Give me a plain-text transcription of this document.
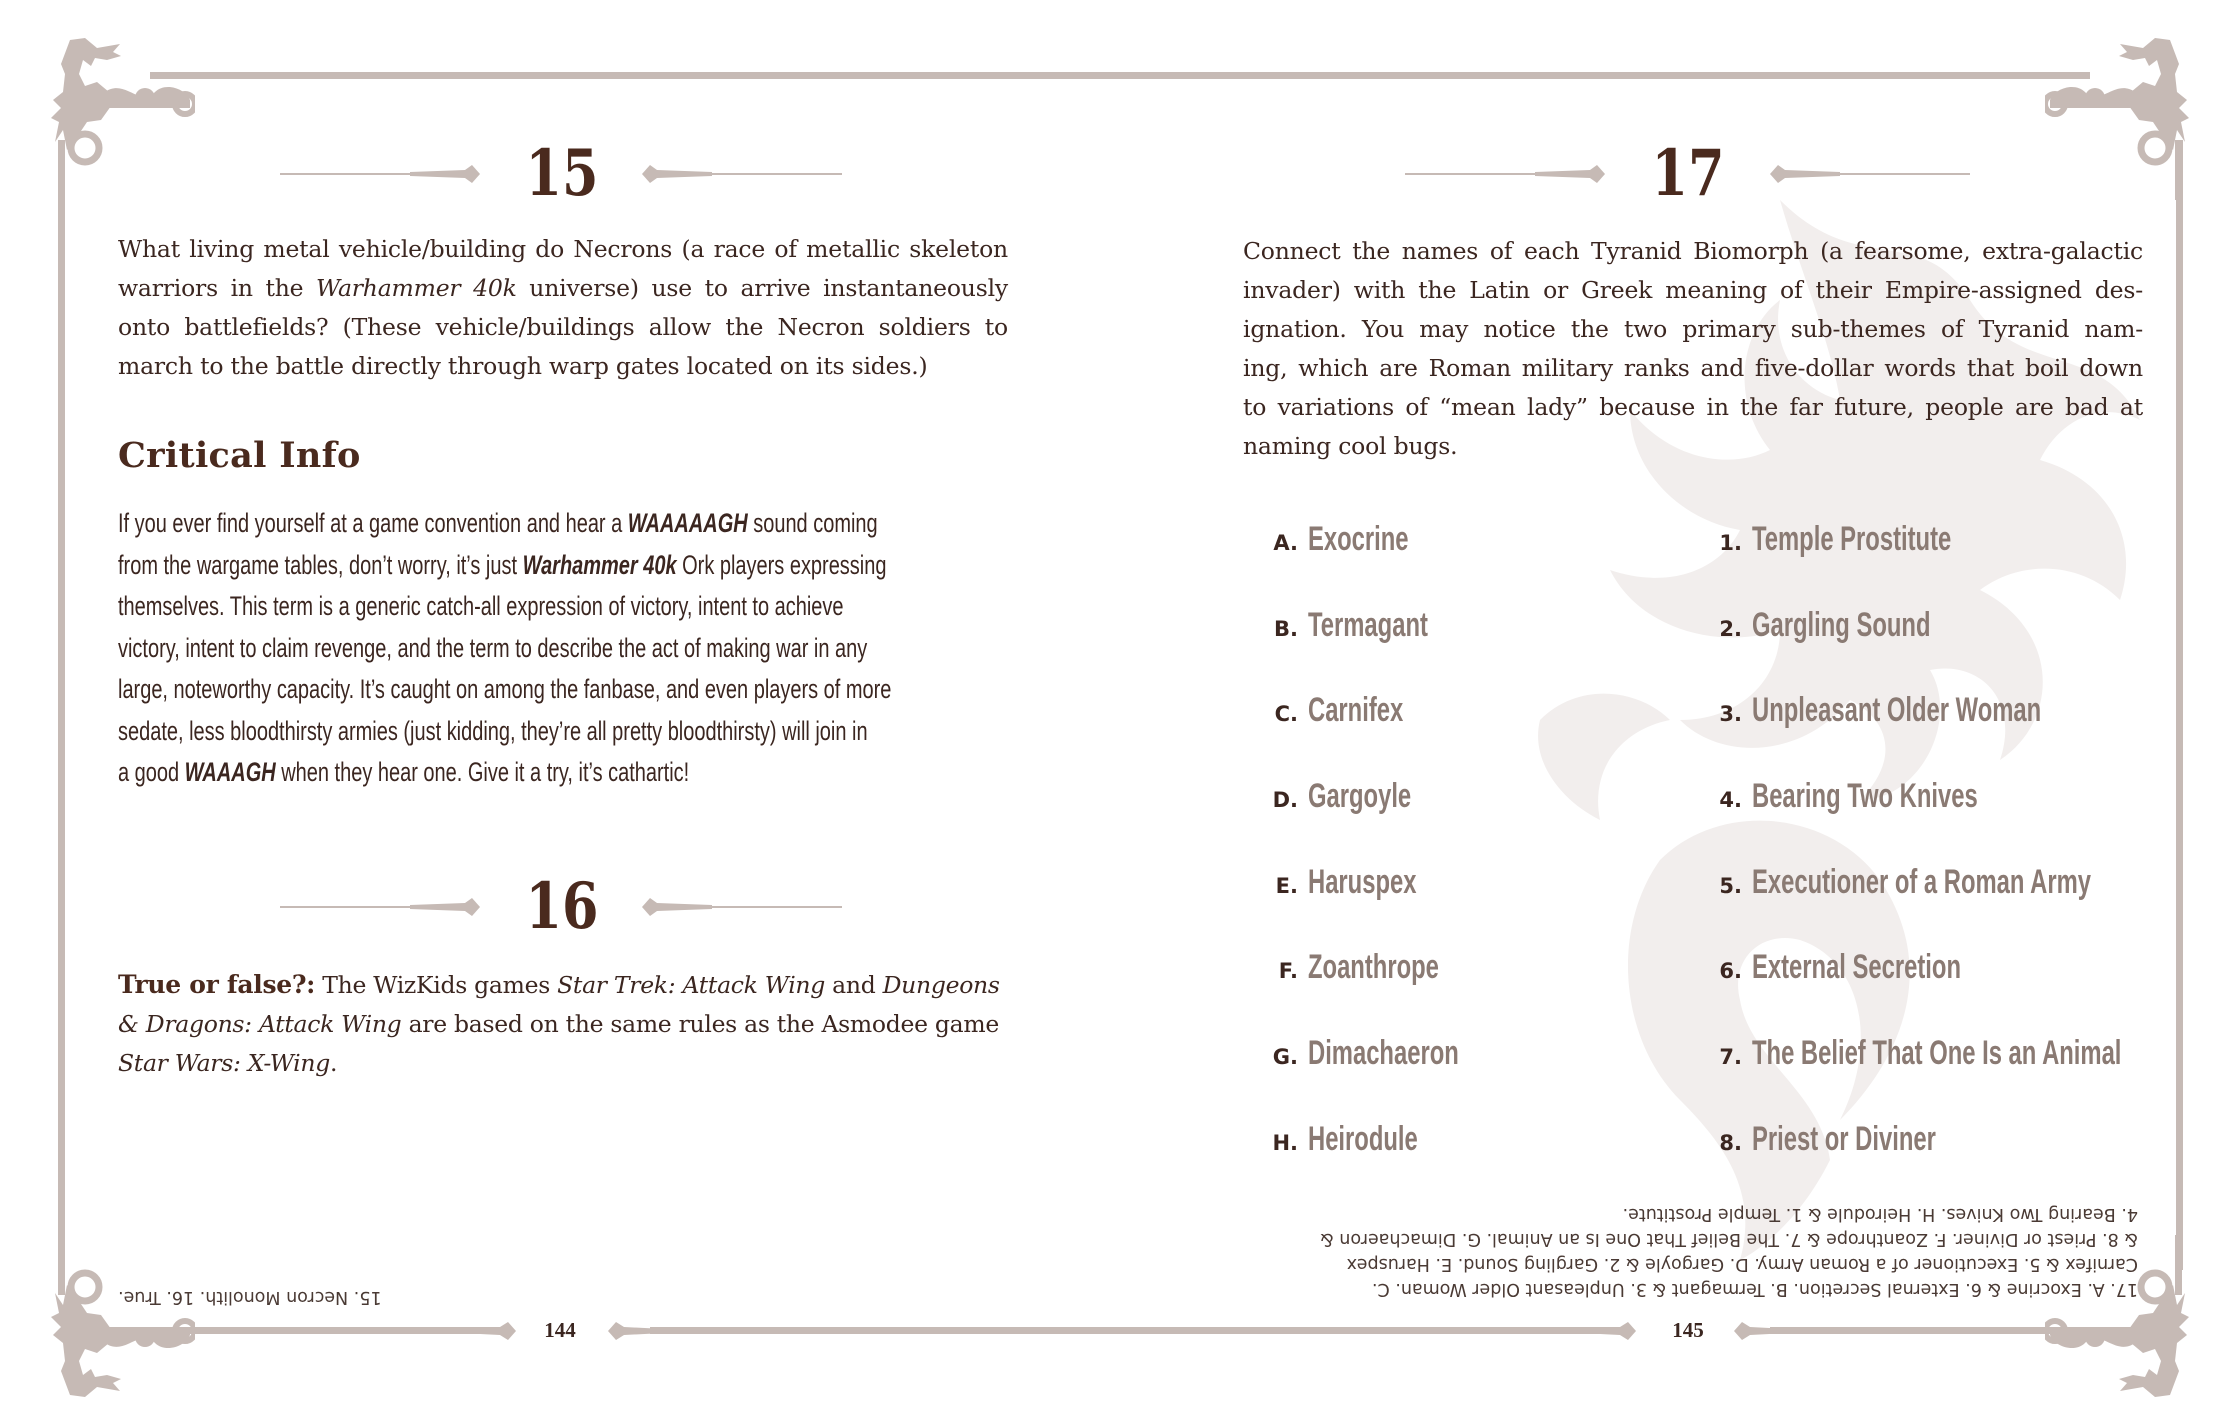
15

What living metal vehicle/building do Necrons (a race of metallic skeleton warriors in the Warhammer 40k universe) use to arrive instantaneously onto battlefields? (These vehicle/buildings allow the Necron soldiers to march to the battle directly through warp gates located on its sides.)

Critical Info
If you ever find yourself at a game convention and hear a WAAAAAGH sound coming
from the wargame tables, don’t worry, it’s just Warhammer 40k Ork players expressing
themselves. This term is a generic catch-all expression of victory, intent to achieve
victory, intent to claim revenge, and the term to describe the act of making war in any
large, noteworthy capacity. It’s caught on among the fanbase, and even players of more
sedate, less bloodthirsty armies (just kidding, they’re all pretty bloodthirsty) will join in
a good WAAAGH when they hear one. Give it a try, it’s cathartic!
16

True or false?: The WizKids games Star Trek: Attack Wing and Dungeons & Dragons: Attack Wing are based on the same rules as the Asmodee game Star Wars: X-Wing.

15. Necron Monolith. 16. True.
144
17
Connect the names of each Tyranid Biomorph (a fearsome, extra-galactic
invader) with the Latin or Greek meaning of their Empire-assigned des-
ignation. You may notice the two primary sub-themes of Tyranid nam-
ing, which are Roman military ranks and five-dollar words that boil down
to variations of “mean lady” because in the far future, people are bad at
naming cool bugs.
A. Exocrine
B. Termagant
C. Carnifex
D. Gargoyle
E. Haruspex
F. Zoanthrope
G. Dimachaeron
H. Heirodule
1. Temple Prostitute
2. Gargling Sound
3. Unpleasant Older Woman
4. Bearing Two Knives
5. Executioner of a Roman Army
6. External Secretion
7. The Belief That One Is an Animal
8. Priest or Diviner
17. A. Exocrine & 6. External Secretion. B. Termagant & 3. Unpleasant Older Woman. C.
Carnifex & 5. Executioner of a Roman Army. D. Gargoyle & 2. Gargling Sound. E. Haruspex
& 8. Priest or Diviner. F. Zoanthrope & 7. The Belief That One Is an Animal. G. Dimachaeron &
4. Bearing Two Knives. H. Heirodule & 1. Temple Prostitute.
145
